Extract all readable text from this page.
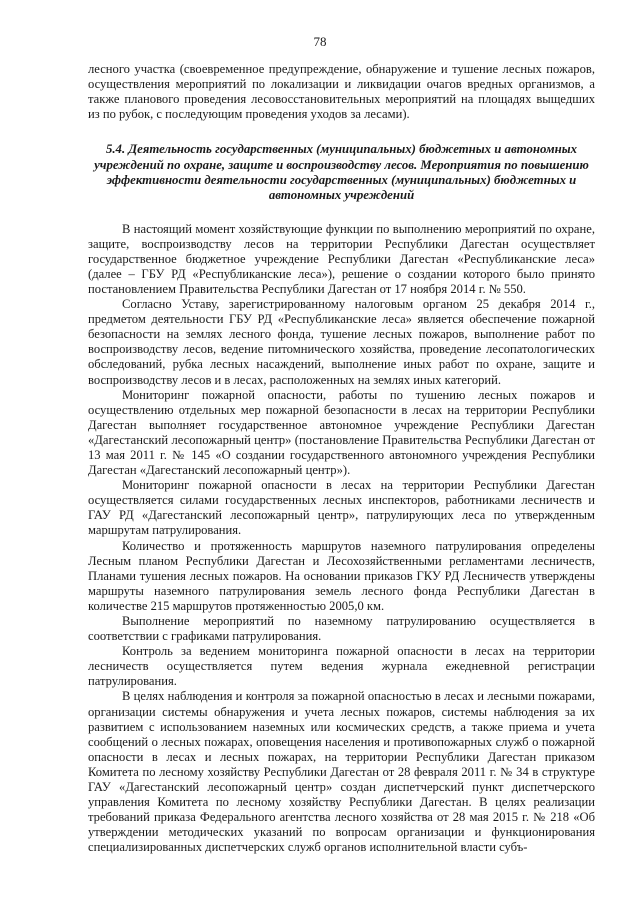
78

лесного участка (своевременное предупреждение, обнаружение и тушение лесных пожаров, осуществления мероприятий по локализации и ликвидации очагов вредных организмов, а также планового проведения лесовосстановительных мероприятий на площадях выщедших из по рубок, с последующим проведения уходов за лесами).

5.4. Деятельность государственных (муниципальных) бюджетных и автономных учреждений по охране, защите и воспроизводству лесов. Мероприятия по повышению эффективности деятельности государственных (муниципальных) бюджетных и автономных учреждений

В настоящий момент хозяйствующие функции по выполнению мероприятий по охране, защите, воспроизводству лесов на территории Республики Дагестан осуществляет государственное бюджетное учреждение Республики Дагестан «Республиканские леса» (далее – ГБУ РД «Республиканские леса»), решение о создании которого было принято постановлением Правительства Республики Дагестан от 17 ноября 2014 г. № 550.

Согласно Уставу, зарегистрированному налоговым органом 25 декабря 2014 г., предметом деятельности ГБУ РД «Республиканские леса» является обеспечение пожарной безопасности на землях лесного фонда, тушение лесных пожаров, выполнение работ по воспроизводству лесов, ведение питомнического хозяйства, проведение лесопатологических обследований, рубка лесных насаждений, выполнение иных работ по охране, защите и воспроизводству лесов и в лесах, расположенных на землях иных категорий.

Мониторинг пожарной опасности, работы по тушению лесных пожаров и осуществлению отдельных мер пожарной безопасности в лесах на территории Республики Дагестан выполняет государственное автономное учреждение Республики Дагестан «Дагестанский лесопожарный центр» (постановление Правительства Республики Дагестан от 13 мая 2011 г. № 145 «О создании государственного автономного учреждения Республики Дагестан «Дагестанский лесопожарный центр»).

Мониторинг пожарной опасности в лесах на территории Республики Дагестан осуществляется силами государственных лесных инспекторов, работниками лесничеств и ГАУ РД «Дагестанский лесопожарный центр», патрулирующих леса по утвержденным маршрутам патрулирования.

Количество и протяженность маршрутов наземного патрулирования определены Лесным планом Республики Дагестан и Лесохозяйственными регламентами лесничеств, Планами тушения лесных пожаров. На основании приказов ГКУ РД Лесничеств утверждены маршруты наземного патрулирования земель лесного фонда Республики Дагестан в количестве 215 маршрутов протяженностью 2005,0 км.

Выполнение мероприятий по наземному патрулированию осуществляется в соответствии с графиками патрулирования.

Контроль за ведением мониторинга пожарной опасности в лесах на территории лесничеств осуществляется путем ведения журнала ежедневной регистрации патрулирования.

В целях наблюдения и контроля за пожарной опасностью в лесах и лесными пожарами, организации системы обнаружения и учета лесных пожаров, системы наблюдения за их развитием с использованием наземных или космических средств, а также приема и учета сообщений о лесных пожарах, оповещения населения и противопожарных служб о пожарной опасности в лесах и лесных пожарах, на территории Республики Дагестан приказом Комитета по лесному хозяйству Республики Дагестан от 28 февраля 2011 г. № 34 в структуре ГАУ «Дагестанский лесопожарный центр» создан диспетчерский пункт диспетчерского управления Комитета по лесному хозяйству Республики Дагестан. В целях реализации требований приказа Федерального агентства лесного хозяйства от 28 мая 2015 г. № 218 «Об утверждении методических указаний по вопросам организации и функционирования специализированных диспетчерских служб органов исполнительной власти субъ-
